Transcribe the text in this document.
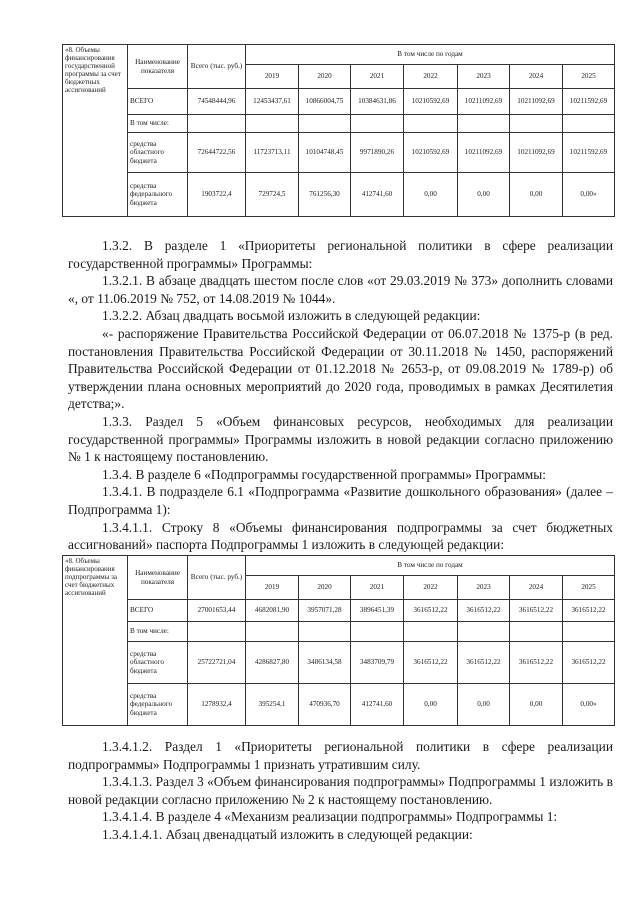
«8. Объемы финансирования государственной программы за счет бюджетных ассигнований	Наименование показателя	Всего (тыс. руб.)	В том числе по годам						
			2019	2020	2021	2022	2023	2024	2025
	ВСЕГО	74548444,96	12453437,61	10866004,75	10384631,86	10210592,69	10211092,69	10211092,69	10211592,69
	В том числе:								
	средства областного бюджета	72644722,56	11723713,11	10104748,45	9971890,26	10210592,69	10211092,69	10211092,69	10211592,69
	средства федерального бюджета	1903722,4	729724,5	761256,30	412741,60	0,00	0,00	0,00	0,00»

1.3.2. В разделе 1 «Приоритеты региональной политики в сфере реализации государственной программы» Программы:

1.3.2.1. В абзаце двадцать шестом после слов «от 29.03.2019 № 373» дополнить словами «, от 11.06.2019 № 752, от 14.08.2019 № 1044».

1.3.2.2. Абзац двадцать восьмой изложить в следующей редакции:

«- распоряжение Правительства Российской Федерации от 06.07.2018 № 1375-р (в ред. постановления Правительства Российской Федерации от 30.11.2018 № 1450, распоряжений Правительства Российской Федерации от 01.12.2018 № 2653-р, от 09.08.2019 № 1789-р) об утверждении плана основных мероприятий до 2020 года, проводимых в рамках Десятилетия детства;».

1.3.3. Раздел 5 «Объем финансовых ресурсов, необходимых для реализации государственной программы» Программы изложить в новой редакции согласно приложению № 1 к настоящему постановлению.

1.3.4. В разделе 6 «Подпрограммы государственной программы» Программы:

1.3.4.1. В подразделе 6.1 «Подпрограмма «Развитие дошкольного образования» (далее – Подпрограмма 1):

1.3.4.1.1. Строку 8 «Объемы финансирования подпрограммы за счет бюджетных ассигнований» паспорта Подпрограммы 1 изложить в следующей редакции:

«8. Объемы финансирования подпрограммы за счет бюджетных ассигнований	Наименование показателя	Всего (тыс. руб.)	В том числе по годам						
			2019	2020	2021	2022	2023	2024	2025
	ВСЕГО	27001653,44	4682081,90	3957071,28	3896451,39	3616512,22	3616512,22	3616512,22	3616512,22
	В том числе:								
	средства областного бюджета	25722721,04	4286827,80	3486134,58	3483709,79	3616512,22	3616512,22	3616512,22	3616512,22
	средства федерального бюджета	1278932,4	395254,1	470936,70	412741,60	0,00	0,00	0,00	0,00»

1.3.4.1.2. Раздел 1 «Приоритеты региональной политики в сфере реализации подпрограммы» Подпрограммы 1 признать утратившим силу.

1.3.4.1.3. Раздел 3 «Объем финансирования подпрограммы» Подпрограммы 1 изложить в новой редакции согласно приложению № 2 к настоящему постановлению.

1.3.4.1.4. В разделе 4 «Механизм реализации подпрограммы» Подпрограммы 1:

1.3.4.1.4.1. Абзац двенадцатый изложить в следующей редакции:
